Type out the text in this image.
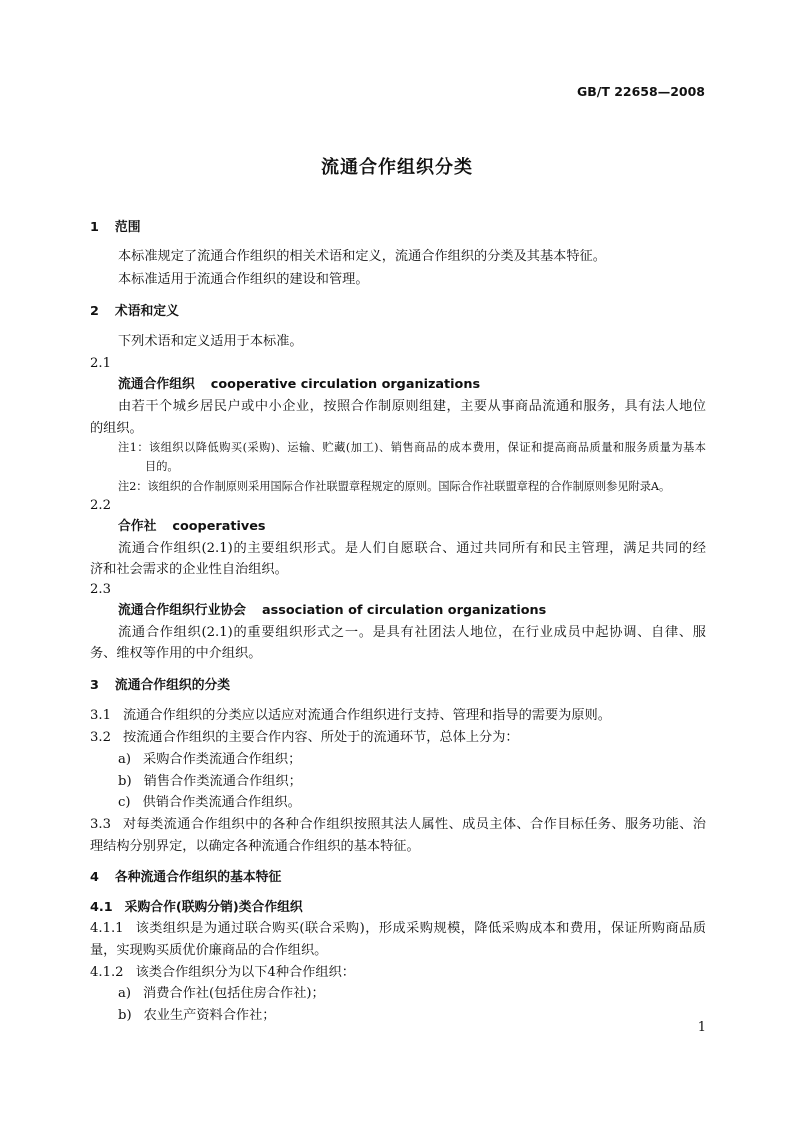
GB/T 22658—2008
流通合作组织分类
1 范围
本标准规定了流通合作组织的相关术语和定义，流通合作组织的分类及其基本特征。
本标准适用于流通合作组织的建设和管理。
2 术语和定义
下列术语和定义适用于本标准。
2.1
流通合作组织 cooperative circulation organizations
由若干个城乡居民户或中小企业，按照合作制原则组建，主要从事商品流通和服务，具有法人地位
的组织。
注1：该组织以降低购买(采购)、运输、贮藏(加工)、销售商品的成本费用，保证和提高商品质量和服务质量为基本
目的。
注2：该组织的合作制原则采用国际合作社联盟章程规定的原则。国际合作社联盟章程的合作制原则参见附录A。
2.2
合作社 cooperatives
流通合作组织(2.1)的主要组织形式。是人们自愿联合、通过共同所有和民主管理，满足共同的经
济和社会需求的企业性自治组织。
2.3
流通合作组织行业协会 association of circulation organizations
流通合作组织(2.1)的重要组织形式之一。是具有社团法人地位，在行业成员中起协调、自律、服
务、维权等作用的中介组织。
3 流通合作组织的分类
3.1 流通合作组织的分类应以适应对流通合作组织进行支持、管理和指导的需要为原则。
3.2 按流通合作组织的主要合作内容、所处于的流通环节，总体上分为：
a) 采购合作类流通合作组织；
b) 销售合作类流通合作组织；
c) 供销合作类流通合作组织。
3.3 对每类流通合作组织中的各种合作组织按照其法人属性、成员主体、合作目标任务、服务功能、治
理结构分别界定，以确定各种流通合作组织的基本特征。
4 各种流通合作组织的基本特征
4.1 采购合作(联购分销)类合作组织
4.1.1 该类组织是为通过联合购买(联合采购)，形成采购规模，降低采购成本和费用，保证所购商品质
量，实现购买质优价廉商品的合作组织。
4.1.2 该类合作组织分为以下4种合作组织：
a) 消费合作社(包括住房合作社)；
b) 农业生产资料合作社；
1
